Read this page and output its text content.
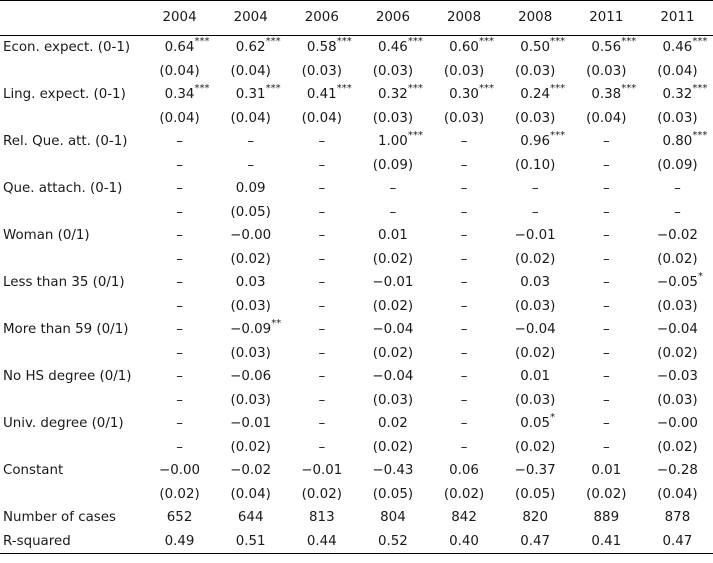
	2004	2004	2006	2006	2008	2008	2011	2011
Econ. expect. (0-1)	0.64 ***	0.62 ***	0.58 ***	0.46 ***	0.60 ***	0.50 ***	0.56 ***	0.46 ***

	(0.04)	(0.04)	(0.03)	(0.03)	(0.03)	(0.03)	(0.03)	(0.04)
Ling. expect. (0-1)	0.34 ***	0.31 ***	0.41 ***	0.32 ***	0.30 ***	0.24 ***	0.38 ***	0.32 ***

	(0.04)	(0.04)	(0.04)	(0.03)	(0.03)	(0.03)	(0.04)	(0.03)
Rel. Que. att. (0-1)	–	–	–	1.00 ***	–	0.96 ***	–	0.80 ***

	–	–	–	(0.09)	–	(0.10)	–	(0.09)
Que. attach. (0-1)	–	0.09	–	–	–	–	–	–

	–	(0.05)	–	–	–	–	–	–
Woman (0/1)	–	−0.00	–	0.01	–	−0.01	–	−0.02

	–	(0.02)	–	(0.02)	–	(0.02)	–	(0.02)
Less than 35 (0/1)	–	0.03	–	−0.01	–	0.03	–	−0.05 *

	–	(0.03)	–	(0.02)	–	(0.03)	–	(0.03)
More than 59 (0/1)	–	−0.09 **	–	−0.04	–	−0.04	–	−0.04

	–	(0.03)	–	(0.02)	–	(0.02)	–	(0.02)
No HS degree (0/1)	–	−0.06	–	−0.04	–	0.01	–	−0.03

	–	(0.03)	–	(0.03)	–	(0.03)	–	(0.03)
Univ. degree (0/1)	–	−0.01	–	0.02	–	0.05 *	–	−0.00

	–	(0.02)	–	(0.02)	–	(0.02)	–	(0.02)
Constant	−0.00	−0.02	−0.01	−0.43	0.06	−0.37	0.01	−0.28

	(0.02)	(0.04)	(0.02)	(0.05)	(0.02)	(0.05)	(0.02)	(0.04)
Number of cases	652	644	813	804	842	820	889	878
R-squared	0.49	0.51	0.44	0.52	0.40	0.47	0.41	0.47
